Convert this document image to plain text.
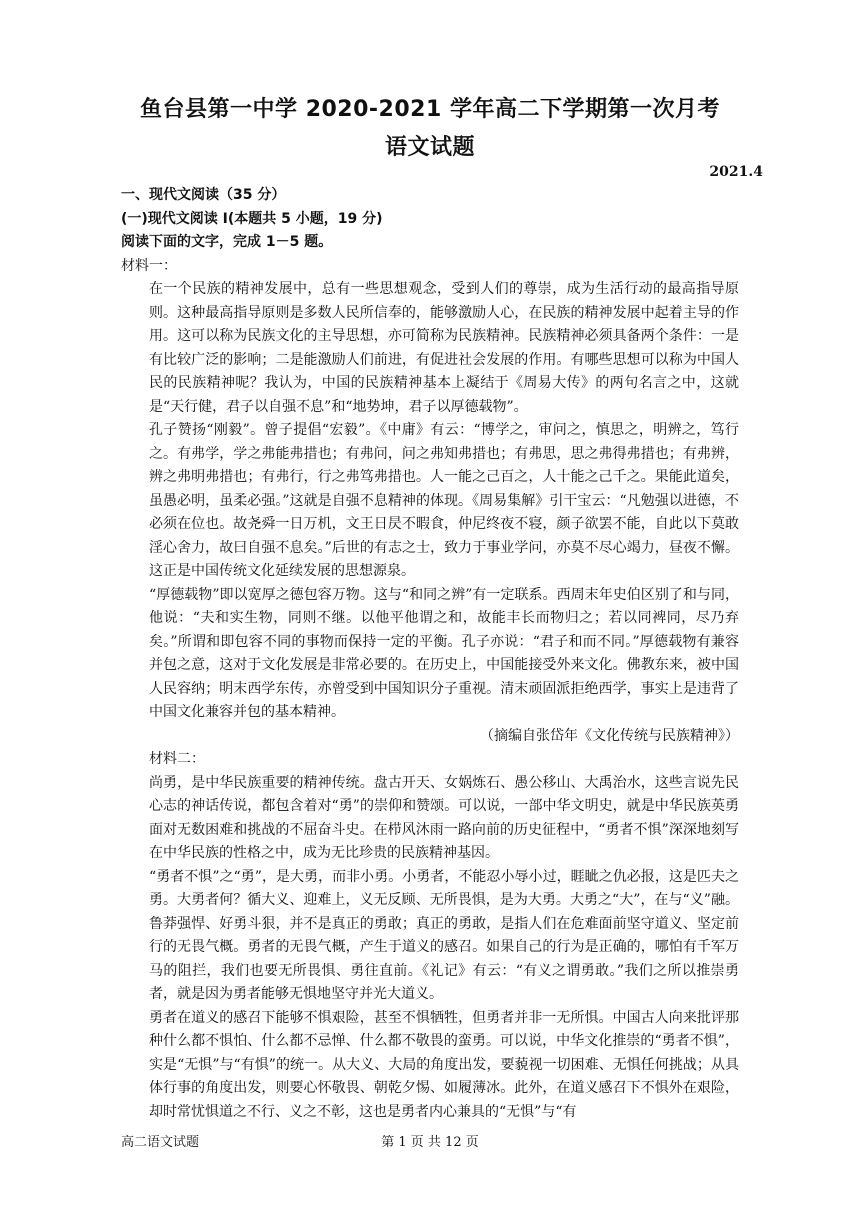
鱼台县第一中学 2020-2021 学年高二下学期第一次月考
语文试题
2021.4

一、现代文阅读（35 分）

(一)现代文阅读 I(本题共 5 小题，19 分)

阅读下面的文字，完成 1－5 题。

材料一：

在一个民族的精神发展中，总有一些思想观念，受到人们的尊崇，成为生活行动的最高指导原则。这种最高指导原则是多数人民所信奉的，能够激励人心，在民族的精神发展中起着主导的作用。这可以称为民族文化的主导思想，亦可简称为民族精神。民族精神必须具备两个条件：一是有比较广泛的影响；二是能激励人们前进，有促进社会发展的作用。有哪些思想可以称为中国人民的民族精神呢？我认为，中国的民族精神基本上凝结于《周易大传》的两句名言之中，这就是“天行健，君子以自强不息”和“地势坤，君子以厚德载物”。

孔子赞扬“刚毅”。曾子提倡“宏毅”。《中庸》有云：“博学之，审问之，慎思之，明辨之，笃行之。有弗学，学之弗能弗措也；有弗问，问之弗知弗措也；有弗思，思之弗得弗措也；有弗辨，辨之弗明弗措也；有弗行，行之弗笃弗措也。人一能之己百之，人十能之己千之。果能此道矣，虽愚必明，虽柔必强。”这就是自强不息精神的体现。《周易集解》引干宝云：“凡勉强以进德，不必须在位也。故尧舜一日万机，文王日昃不暇食，仲尼终夜不寝，颜子欲罢不能，自此以下莫敢淫心舍力，故曰自强不息矣。”后世的有志之士，致力于事业学问，亦莫不尽心竭力，昼夜不懈。这正是中国传统文化延续发展的思想源泉。

“厚德载物”即以宽厚之德包容万物。这与“和同之辨”有一定联系。西周末年史伯区别了和与同，他说：“夫和实生物，同则不继。以他平他谓之和，故能丰长而物归之；若以同裨同，尽乃弃矣。”所谓和即包容不同的事物而保持一定的平衡。孔子亦说：“君子和而不同。”厚德载物有兼容并包之意，这对于文化发展是非常必要的。在历史上，中国能接受外来文化。佛教东来，被中国人民容纳；明末西学东传，亦曾受到中国知识分子重视。清末顽固派拒绝西学，事实上是违背了中国文化兼容并包的基本精神。

（摘编自张岱年《文化传统与民族精神》）

材料二：

尚勇，是中华民族重要的精神传统。盘古开天、女娲炼石、愚公移山、大禹治水，这些言说先民心志的神话传说，都包含着对“勇”的崇仰和赞颂。可以说，一部中华文明史，就是中华民族英勇面对无数困难和挑战的不屈奋斗史。在栉风沐雨一路向前的历史征程中，“勇者不惧”深深地刻写在中华民族的性格之中，成为无比珍贵的民族精神基因。

“勇者不惧”之“勇”，是大勇，而非小勇。小勇者，不能忍小辱小过，睚眦之仇必报，这是匹夫之勇。大勇者何？循大义、迎难上，义无反顾、无所畏惧，是为大勇。大勇之“大”，在与“义”融。鲁莽强悍、好勇斗狠，并不是真正的勇敢；真正的勇敢，是指人们在危难面前坚守道义、坚定前行的无畏气概。勇者的无畏气概，产生于道义的感召。如果自己的行为是正确的，哪怕有千军万马的阻拦，我们也要无所畏惧、勇往直前。《礼记》有云：“有义之谓勇敢。”我们之所以推崇勇者，就是因为勇者能够无惧地坚守并光大道义。

勇者在道义的感召下能够不惧艰险，甚至不惧牺牲，但勇者并非一无所惧。中国古人向来批评那种什么都不惧怕、什么都不忌惮、什么都不敬畏的蛮勇。可以说，中华文化推崇的“勇者不惧”，实是“无惧”与“有惧”的统一。从大义、大局的角度出发，要藐视一切困难、无惧任何挑战；从具体行事的角度出发，则要心怀敬畏、朝乾夕惕、如履薄冰。此外，在道义感召下不惧外在艰险，却时常忧惧道之不行、义之不彰，这也是勇者内心兼具的“无惧”与“有

高二语文试题	第 1 页 共 12 页
